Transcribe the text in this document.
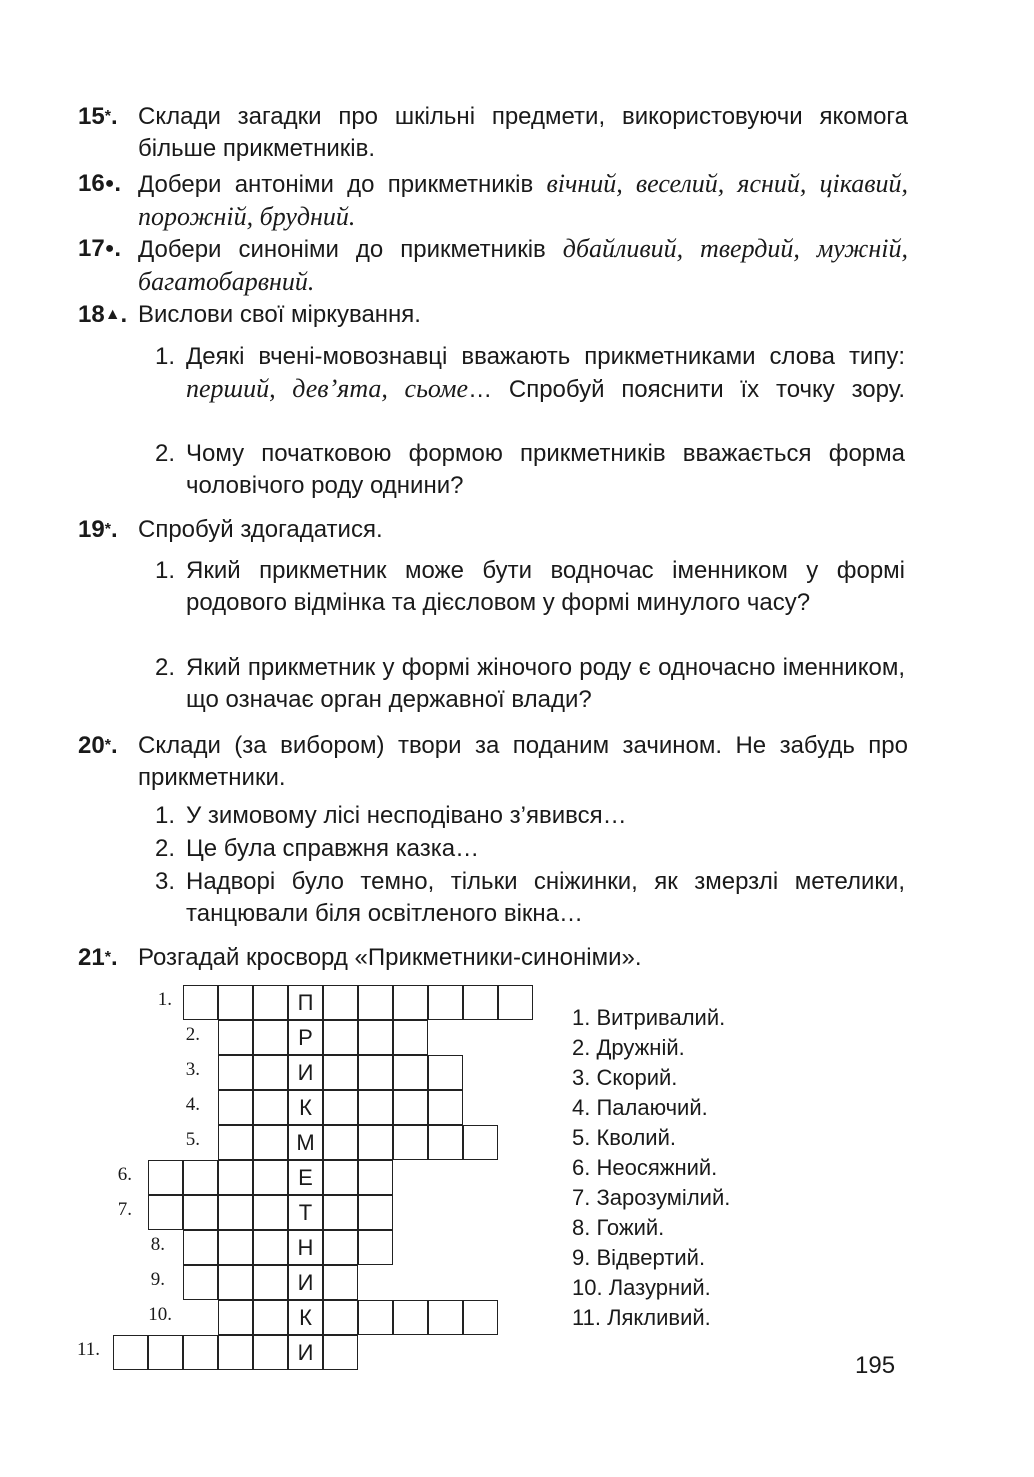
15*. Склади загадки про шкільні предмети, використовуючи якомога більше прикметників.
16●. Добери антоніми до прикметників вічний, веселий, ясний, цікавий, порожній, брудний.
17●. Добери синоніми до прикметників дбайливий, твердий, мужній, багатобарвний.
18▲. Вислови свої міркування.
1. Деякі вчені-мовознавці вважають прикметниками слова типу: перший, дев’ята, сьоме… Спробуй пояснити їх точку зору.
2. Чому початковою формою прикметників вважається форма чоловічого роду однини?
19*. Спробуй здогадатися.
1. Який прикметник може бути водночас іменником у формі родового відмінка та дієсловом у формі минулого часу?
2. Який прикметник у формі жіночого роду є одночасно іменником, що означає орган державної влади?
20*. Склади (за вибором) твори за поданим зачином. Не забудь про прикметники.
1. У зимовому лісі несподівано з’явився…
2. Це була справжня казка…
3. Надворі було темно, тільки сніжинки, як змерзлі метелики, танцювали біля освітленого вікна…
21*. Розгадай кросворд «Прикметники-синоніми».
1.	П
2.	Р
3.	И
4.	К
5.	М
6.	Е
7.	Т
8.	Н
9.	И
10.	К
11.	И
1. Витривалий.
2. Дружній.
3. Скорий.
4. Палаючий.
5. Кволий.
6. Неосяжний.
7. Зарозумілий.
8. Гожий.
9. Відвертий.
10. Лазурний.
11. Лякливий.
195
